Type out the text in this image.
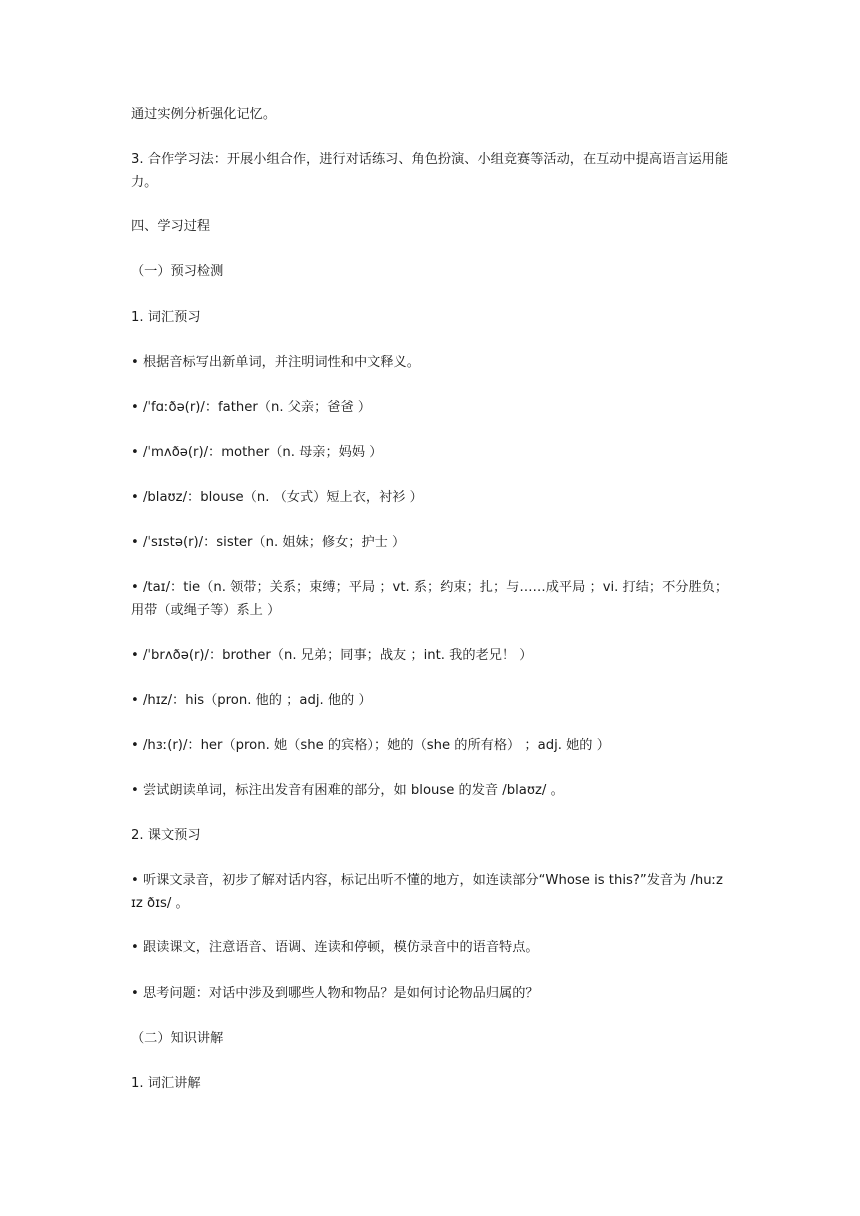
通过实例分析强化记忆。

3. 合作学习法：开展小组合作，进行对话练习、角色扮演、小组竞赛等活动，在互动中提高语言运用能力。

四、学习过程

（一）预习检测

1. 词汇预习

• 根据音标写出新单词，并注明词性和中文释义。

• /ˈfɑːðə(r)/：father（n. 父亲；爸爸 ）

• /ˈmʌðə(r)/：mother（n. 母亲；妈妈 ）

• /blaʊz/：blouse（n. （女式）短上衣，衬衫 ）

• /ˈsɪstə(r)/：sister（n. 姐妹；修女；护士 ）

• /taɪ/：tie（n. 领带；关系；束缚；平局 ；vt. 系；约束；扎；与……成平局 ；vi. 打结；不分胜负；用带（或绳子等）系上 ）

• /ˈbrʌðə(r)/：brother（n. 兄弟；同事；战友 ；int. 我的老兄！ ）

• /hɪz/：his（pron. 他的 ；adj. 他的 ）

• /hɜː(r)/：her（pron. 她（she 的宾格）；她的（she 的所有格） ；adj. 她的 ）

• 尝试朗读单词，标注出发音有困难的部分，如 blouse 的发音 /blaʊz/ 。

2. 课文预习

• 听课文录音，初步了解对话内容，标记出听不懂的地方，如连读部分“Whose is this?”发音为 /huːz ɪz ðɪs/ 。

• 跟读课文，注意语音、语调、连读和停顿，模仿录音中的语音特点。

• 思考问题：对话中涉及到哪些人物和物品？是如何讨论物品归属的？

（二）知识讲解

1. 词汇讲解
